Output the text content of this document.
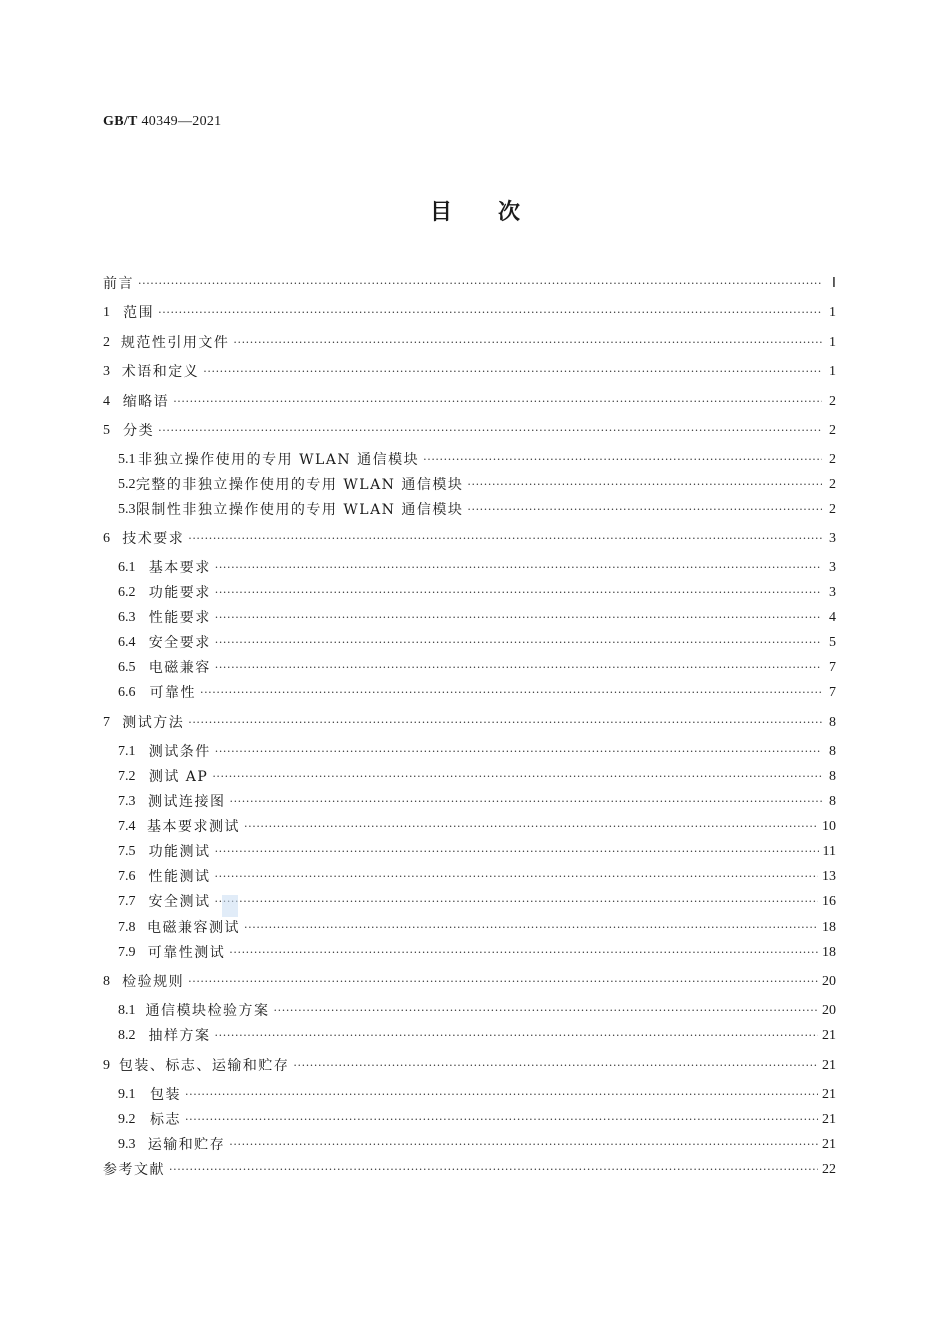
GB/T 40349—2021
目次
前言 ·····	Ⅰ
1 范围 ·····	1
2 规范性引用文件 ·····	1
3 术语和定义 ·····	1
4 缩略语 ·····	2
5 分类 ·····	2
5.1 非独立操作使用的专用 WLAN 通信模块 ·····	2
5.2 完整的非独立操作使用的专用 WLAN 通信模块 ·····	2
5.3 限制性非独立操作使用的专用 WLAN 通信模块 ·····	2
6 技术要求 ·····	3
6.1 基本要求 ·····	3
6.2 功能要求 ·····	3
6.3 性能要求 ·····	4
6.4 安全要求 ·····	5
6.5 电磁兼容 ·····	7
6.6 可靠性 ·····	7
7 测试方法 ·····	8
7.1 测试条件 ·····	8
7.2 测试 AP ·····	8
7.3 测试连接图 ·····	8
7.4 基本要求测试 ·····	10
7.5 功能测试 ·····	11
7.6 性能测试 ·····	13
7.7 安全测试 ·····	16
7.8 电磁兼容测试 ·····	18
7.9 可靠性测试 ·····	18
8 检验规则 ·····	20
8.1 通信模块检验方案 ·····	20
8.2 抽样方案 ·····	21
9 包装、标志、运输和贮存 ·····	21
9.1	包装 ·····	21
9.2	标志 ·····	21
9.3 运输和贮存 ·····	21
参考文献 ·····	22
